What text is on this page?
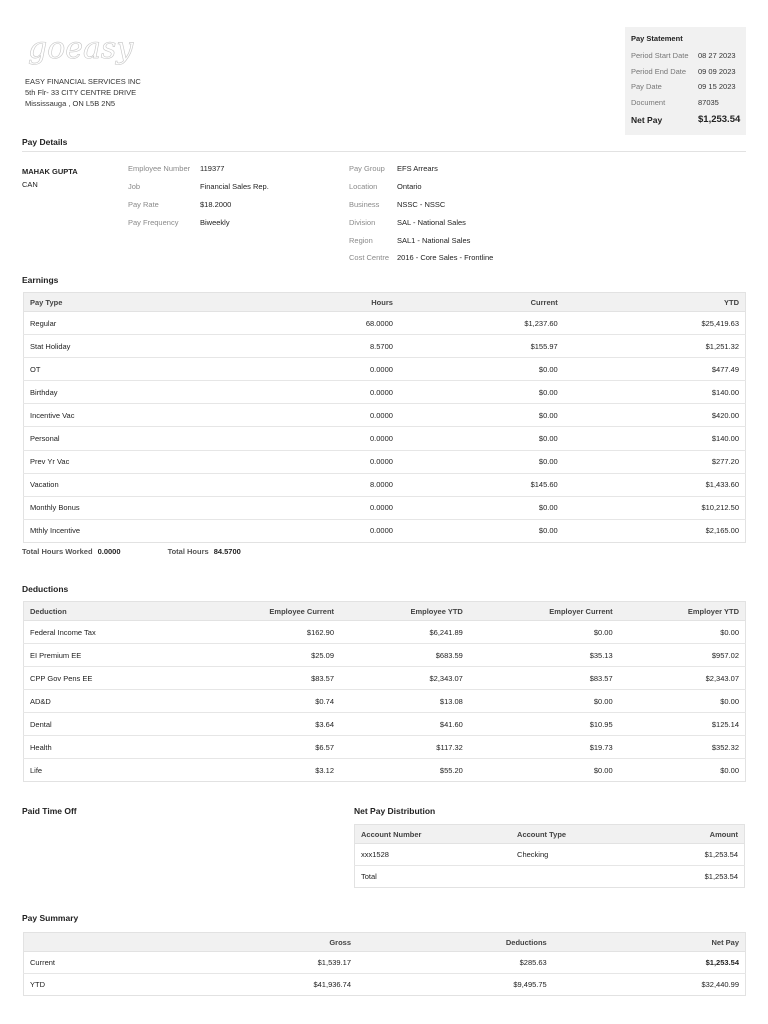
goeasy
EASY FINANCIAL SERVICES INC
5th Flr- 33 CITY CENTRE DRIVE
Mississauga , ON L5B 2N5
Pay Statement
Period Start Date	08 27 2023
Period End Date	09 09 2023
Pay Date	09 15 2023
Document	87035
Net Pay	$1,253.54
Pay Details
MAHAK GUPTA
CAN
Employee Number	119377
Job	Financial Sales Rep.
Pay Rate	$18.2000
Pay Frequency	Biweekly
Pay Group	EFS Arrears
Location	Ontario
Business	NSSC - NSSC
Division	SAL - National Sales
Region	SAL1 - National Sales
Cost Centre	2016 - Core Sales - Frontline
Earnings
Pay Type	Hours	Current	YTD
Regular	68.0000	$1,237.60	$25,419.63
Stat Holiday	8.5700	$155.97	$1,251.32
OT	0.0000	$0.00	$477.49
Birthday	0.0000	$0.00	$140.00
Incentive Vac	0.0000	$0.00	$420.00
Personal	0.0000	$0.00	$140.00
Prev Yr Vac	0.0000	$0.00	$277.20
Vacation	8.0000	$145.60	$1,433.60
Monthly Bonus	0.0000	$0.00	$10,212.50
Mthly Incentive	0.0000	$0.00	$2,165.00
Total Hours Worked 0.0000	Total Hours 84.5700
Deductions
Deduction	Employee Current	Employee YTD	Employer Current	Employer YTD
Federal Income Tax	$162.90	$6,241.89	$0.00	$0.00
EI Premium EE	$25.09	$683.59	$35.13	$957.02
CPP Gov Pens EE	$83.57	$2,343.07	$83.57	$2,343.07
AD&D	$0.74	$13.08	$0.00	$0.00
Dental	$3.64	$41.60	$10.95	$125.14
Health	$6.57	$117.32	$19.73	$352.32
Life	$3.12	$55.20	$0.00	$0.00
Paid Time Off	Net Pay Distribution
Account Number	Account Type	Amount
xxx1528	Checking	$1,253.54
Total		$1,253.54
Pay Summary
	Gross	Deductions	Net Pay
Current	$1,539.17	$285.63	$1,253.54
YTD	$41,936.74	$9,495.75	$32,440.99
